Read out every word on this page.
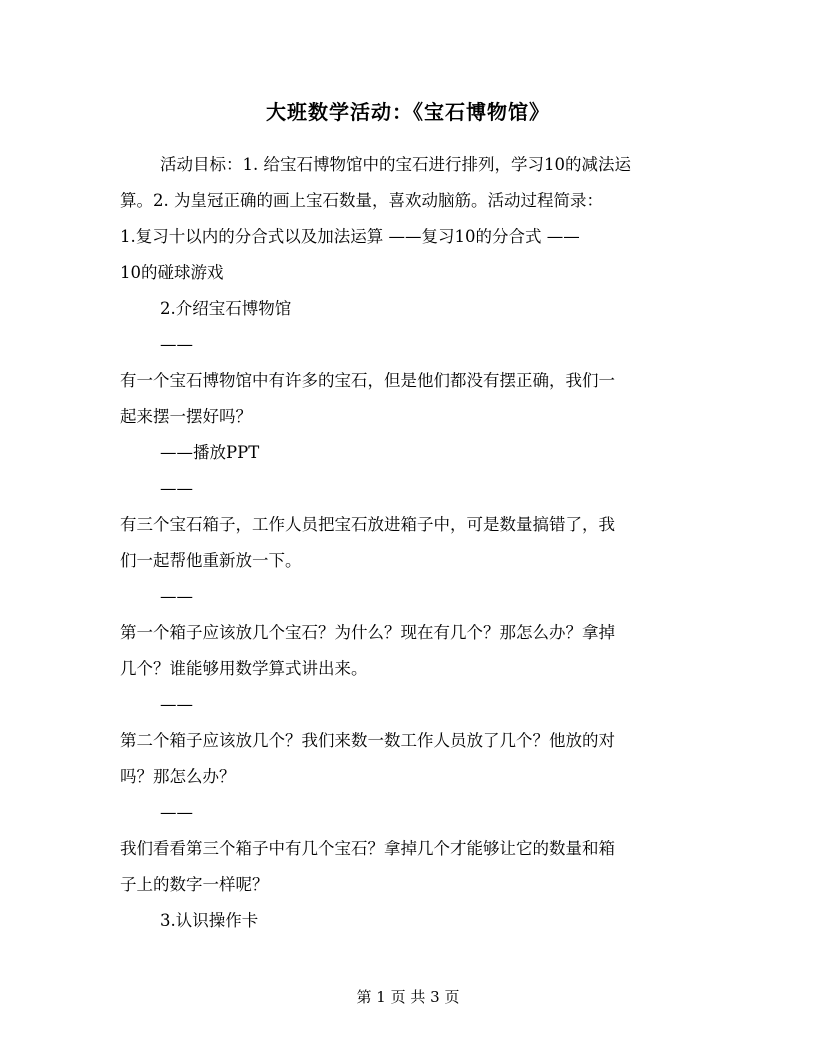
大班数学活动：《宝石博物馆》

活动目标：1. 给宝石博物馆中的宝石进行排列，学习10的减法运

算。2. 为皇冠正确的画上宝石数量，喜欢动脑筋。活动过程简录：

1.复习十以内的分合式以及加法运算 ——复习10的分合式 ——

10的碰球游戏

2.介绍宝石博物馆

——

有一个宝石博物馆中有许多的宝石，但是他们都没有摆正确，我们一

起来摆一摆好吗？

——播放PPT

——

有三个宝石箱子，工作人员把宝石放进箱子中，可是数量搞错了，我

们一起帮他重新放一下。

——

第一个箱子应该放几个宝石？为什么？现在有几个？那怎么办？拿掉

几个？谁能够用数学算式讲出来。

——

第二个箱子应该放几个？我们来数一数工作人员放了几个？他放的对

吗？那怎么办？

——

我们看看第三个箱子中有几个宝石？拿掉几个才能够让它的数量和箱

子上的数字一样呢？

3.认识操作卡

第 1 页 共 3 页
